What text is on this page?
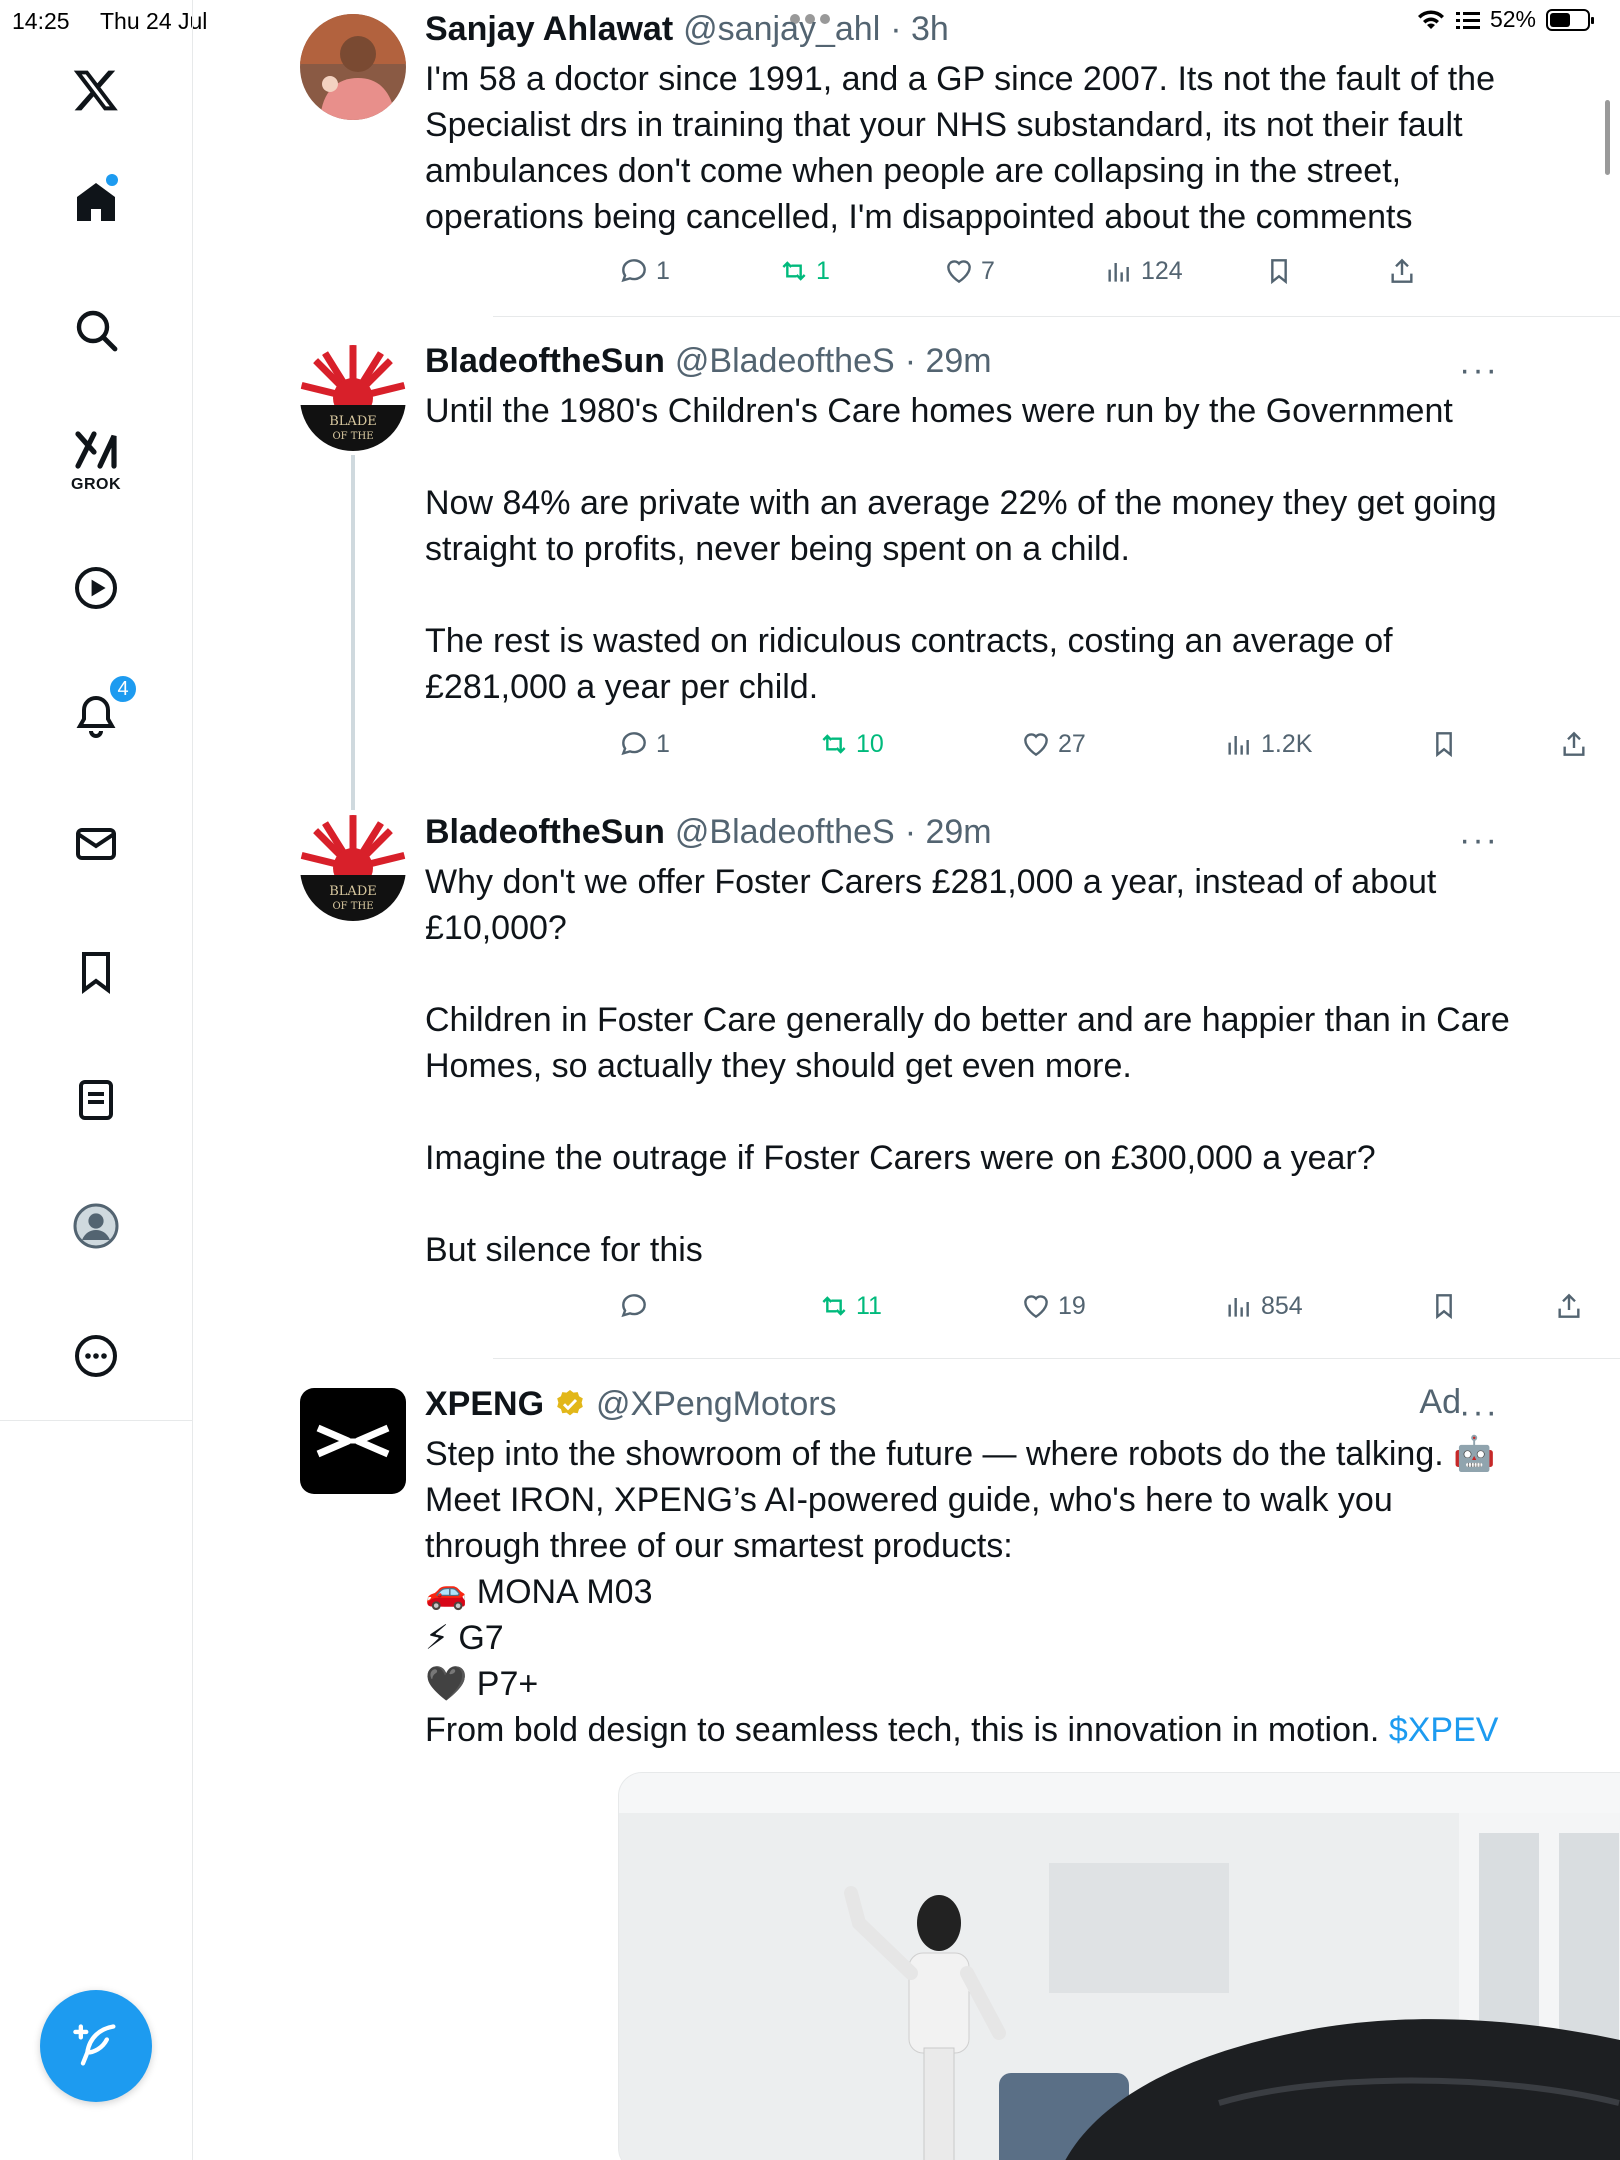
14:25 Thu 24 Jul	52%
GROK
4
Sanjay Ahlawat @sanjay_ahl · 3h
I'm 58 a doctor since 1991, and a GP since 2007. Its not the fault of the Specialist drs in training that your NHS substandard, its not their fault ambulances don't come when people are collapsing in the street, operations being cancelled, I'm disappointed about the comments
1	1	7	124
BLADE
OF THE
BladeoftheSun @BladeoftheS · 29m
Until the 1980's Children's Care homes were run by the Government

Now 84% are private with an average 22% of the money they get going straight to profits, never being spent on a child.

The rest is wasted on ridiculous contracts, costing an average of £281,000 a year per child.
···
1	10	27	1.2K
BLADE
OF THE
BladeoftheSun @BladeoftheS · 29m
Why don't we offer Foster Carers £281,000 a year, instead of about £10,000?

Children in Foster Care generally do better and are happier than in Care Homes, so actually they should get even more.

Imagine the outrage if Foster Carers were on £300,000 a year?

But silence for this
···
11	19	854
XPENG @XPengMotors
Step into the showroom of the future — where robots do the talking. 🤖
Meet IRON, XPENG’s AI-powered guide, who's here to walk you through three of our smartest products:
🚗 MONA M03
⚡ G7
🖤 P7+
From bold design to seamless tech, this is innovation in motion. $XPEV
Ad
···
